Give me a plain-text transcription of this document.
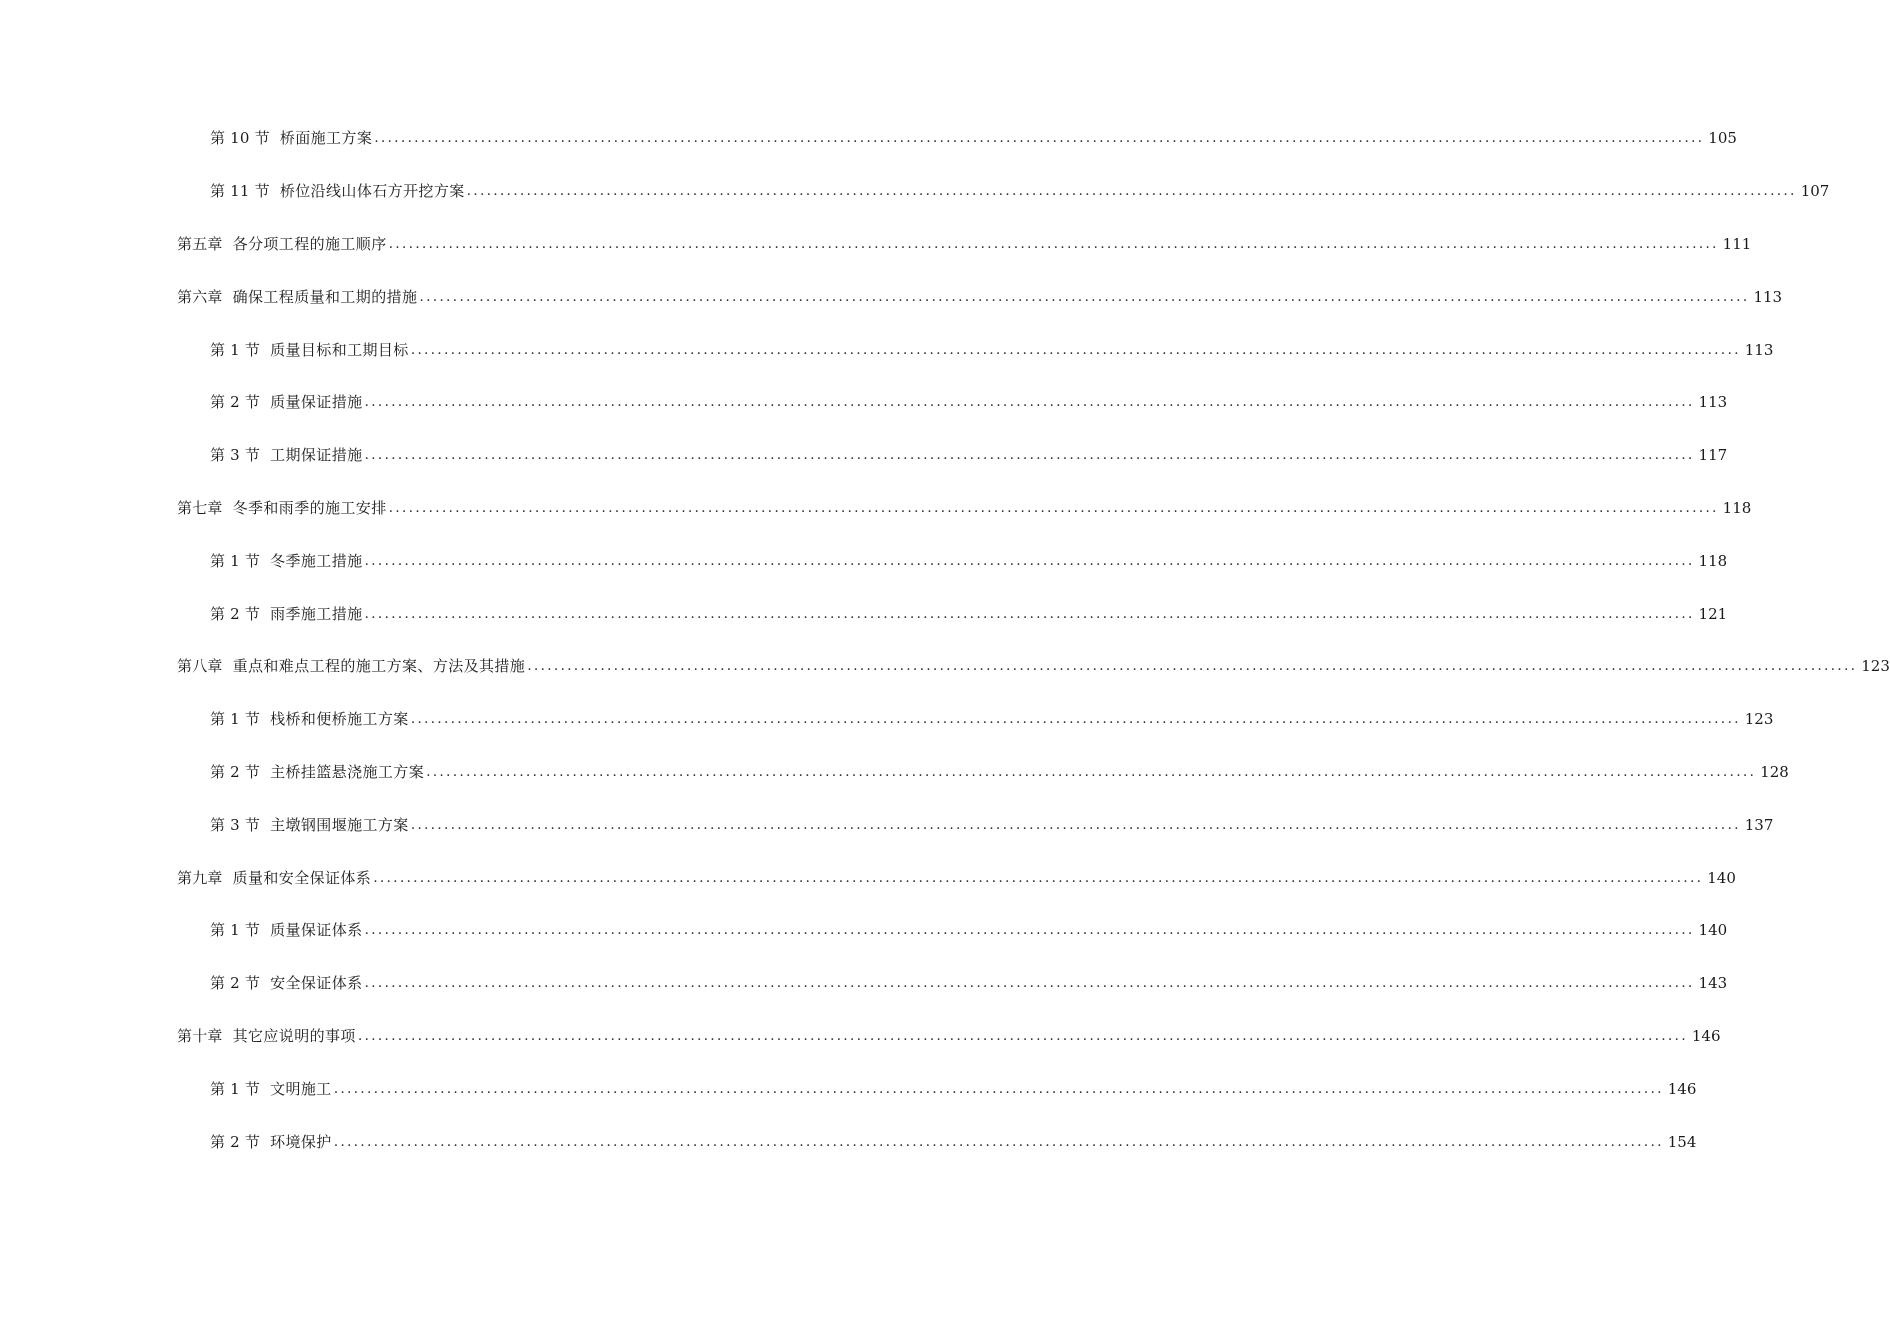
第 10 节 桥面施工方案 ........................................................................................................................................................................................................ 105
第 11 节 桥位沿线山体石方开挖方案 ........................................................................................................................................................................................................ 107
第五章 各分项工程的施工顺序 ........................................................................................................................................................................................................ 111
第六章 确保工程质量和工期的措施 ........................................................................................................................................................................................................ 113
第 1 节 质量目标和工期目标 ........................................................................................................................................................................................................ 113
第 2 节 质量保证措施 ........................................................................................................................................................................................................ 113
第 3 节 工期保证措施 ........................................................................................................................................................................................................ 117
第七章 冬季和雨季的施工安排 ........................................................................................................................................................................................................ 118
第 1 节 冬季施工措施 ........................................................................................................................................................................................................ 118
第 2 节 雨季施工措施 ........................................................................................................................................................................................................ 121
第八章 重点和难点工程的施工方案、方法及其措施 ........................................................................................................................................................................................................ 123
第 1 节 栈桥和便桥施工方案 ........................................................................................................................................................................................................ 123
第 2 节 主桥挂篮悬浇施工方案 ........................................................................................................................................................................................................ 128
第 3 节 主墩钢围堰施工方案 ........................................................................................................................................................................................................ 137
第九章 质量和安全保证体系 ........................................................................................................................................................................................................ 140
第 1 节 质量保证体系 ........................................................................................................................................................................................................ 140
第 2 节 安全保证体系 ........................................................................................................................................................................................................ 143
第十章 其它应说明的事项 ........................................................................................................................................................................................................ 146
第 1 节 文明施工 ........................................................................................................................................................................................................ 146
第 2 节 环境保护 ........................................................................................................................................................................................................ 154
